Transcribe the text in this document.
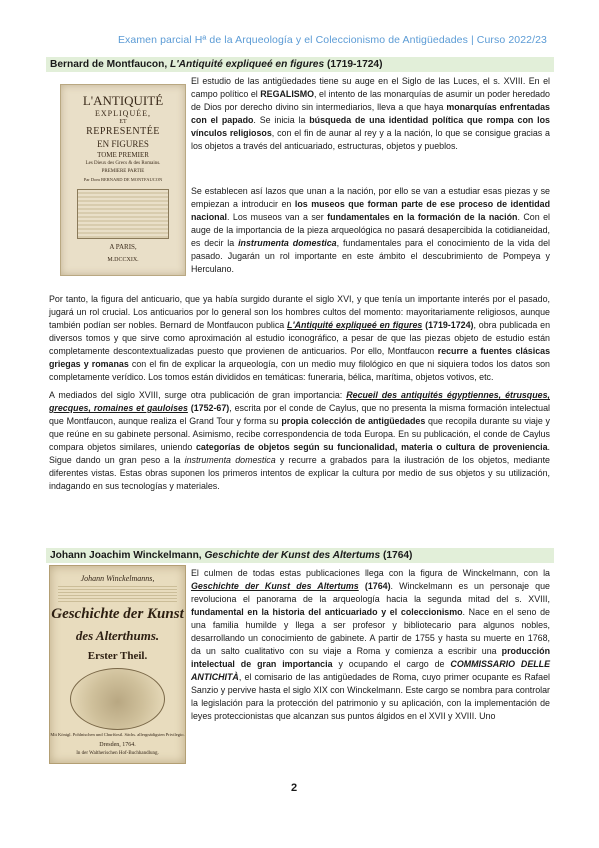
Examen parcial Hª de la Arqueología y el Coleccionismo de Antigüedades | Curso 2022/23
Bernard de Montfaucon, L'Antiquité expliqueé en figures (1719-1724)
L'ANTIQUITÉ
EXPLIQUÉE,
ET
REPRESENTÉE
EN FIGURES
TOME PREMIER
Les Dieux des Grecs & des Romains.
PREMIERE PARTIE
Par Dom BERNARD DE MONTFAUCON
A PARIS,
M.DCCXIX.
El estudio de las antigüedades tiene su auge en el Siglo de las Luces, el s. XVIII. En el campo político el REGALISMO, el intento de las monarquías de asumir un poder heredado de Dios por derecho divino sin intermediarios, lleva a que haya monarquías enfrentadas con el papado. Se inicia la búsqueda de una identidad política que rompa con los vínculos religiosos, con el fin de aunar al rey y a la nación, lo que se consigue gracias a los objetos a través del anticuariado, estructuras, objetos y pueblos.
Se establecen así lazos que unan a la nación, por ello se van a estudiar esas piezas y se empiezan a introducir en los museos que forman parte de ese proceso de identidad nacional. Los museos van a ser fundamentales en la formación de la nación. Con el auge de la importancia de la pieza arqueológica no pasará desapercibida la cotidianeidad, es decir la instrumenta domestica, fundamentales para el conocimiento de la vida del pasado. Jugarán un rol importante en este ámbito el descubrimiento de Pompeya y Herculano.
Por tanto, la figura del anticuario, que ya había surgido durante el siglo XVI, y que tenía un importante interés por el pasado, jugará un rol crucial. Los anticuarios por lo general son los hombres cultos del momento: mayoritariamente religiosos, aunque también podían ser nobles. Bernard de Montfaucon publica L'Antiquité expliqueé en figures (1719-1724), obra publicada en diversos tomos y que sirve como aproximación al estudio iconográfico, a pesar de que las piezas objeto de estudio están completamente descontextualizadas puesto que provienen de anticuarios. Por ello, Montfaucon recurre a fuentes clásicas griegas y romanas con el fin de explicar la arqueología, con un medio muy filológico en que ni siquiera todos los datos son completamente verídico. Los tomos están divididos en temáticas: funeraria, bélica, marítima, objetos votivos, etc.
A mediados del siglo XVIII, surge otra publicación de gran importancia: Recueil des antiquités égyptiennes, étrusques, grecques, romaines et gauloises (1752-67), escrita por el conde de Caylus, que no presenta la misma formación intelectual que Montfaucon, aunque realiza el Grand Tour y forma su propia colección de antigüedades que recopila durante su viaje y que reúne en su gabinete personal. Asimismo, recibe correspondencia de toda Europa. En su publicación, el conde de Caylus compara objetos similares, uniendo categorías de objetos según su funcionalidad, materia o cultura de proveniencia. Sigue dando un gran peso a la instrumenta domestica y recurre a grabados para la ilustración de los objetos, mediante diferentes vistas. Estas obras suponen los primeros intentos de explicar la cultura por medio de sus objetos y su utilización, indagando en sus tecnologías y materiales.
Johann Joachim Winckelmann, Geschichte der Kunst des Altertums (1764)
Johann Winckelmanns,
Geschichte der Kunst
des Alterthums.
Erster Theil.
Mit Königl. Pohlnischen und Churfürstl. Sächs. allergnädigsten Privilegio.
Dresden, 1764.
In der Waltherischen Hof-Buchhandlung.
El culmen de todas estas publicaciones llega con la figura de Winckelmann, con la Geschichte der Kunst des Altertums (1764). Winckelmann es un personaje que revoluciona el panorama de la arqueología hacia la segunda mitad del s. XVIII, fundamental en la historia del anticuariado y el coleccionismo. Nace en el seno de una familia humilde y llega a ser profesor y bibliotecario para algunos nobles, desarrollando un conocimiento de gabinete. A partir de 1755 y hasta su muerte en 1768, da un salto cualitativo con su viaje a Roma y comienza a escribir una producción intelectual de gran importancia y ocupando el cargo de COMMISSARIO DELLE ANTICHITÀ, el comisario de las antigüedades de Roma, cuyo primer ocupante es Rafael Sanzio y pervive hasta el siglo XIX con Winckelmann. Este cargo se nombra para controlar la legislación para la protección del patrimonio y su aplicación, con la implementación de leyes proteccionistas que alcanzan sus puntos álgidos en el XVII y XVIII. Uno
2
